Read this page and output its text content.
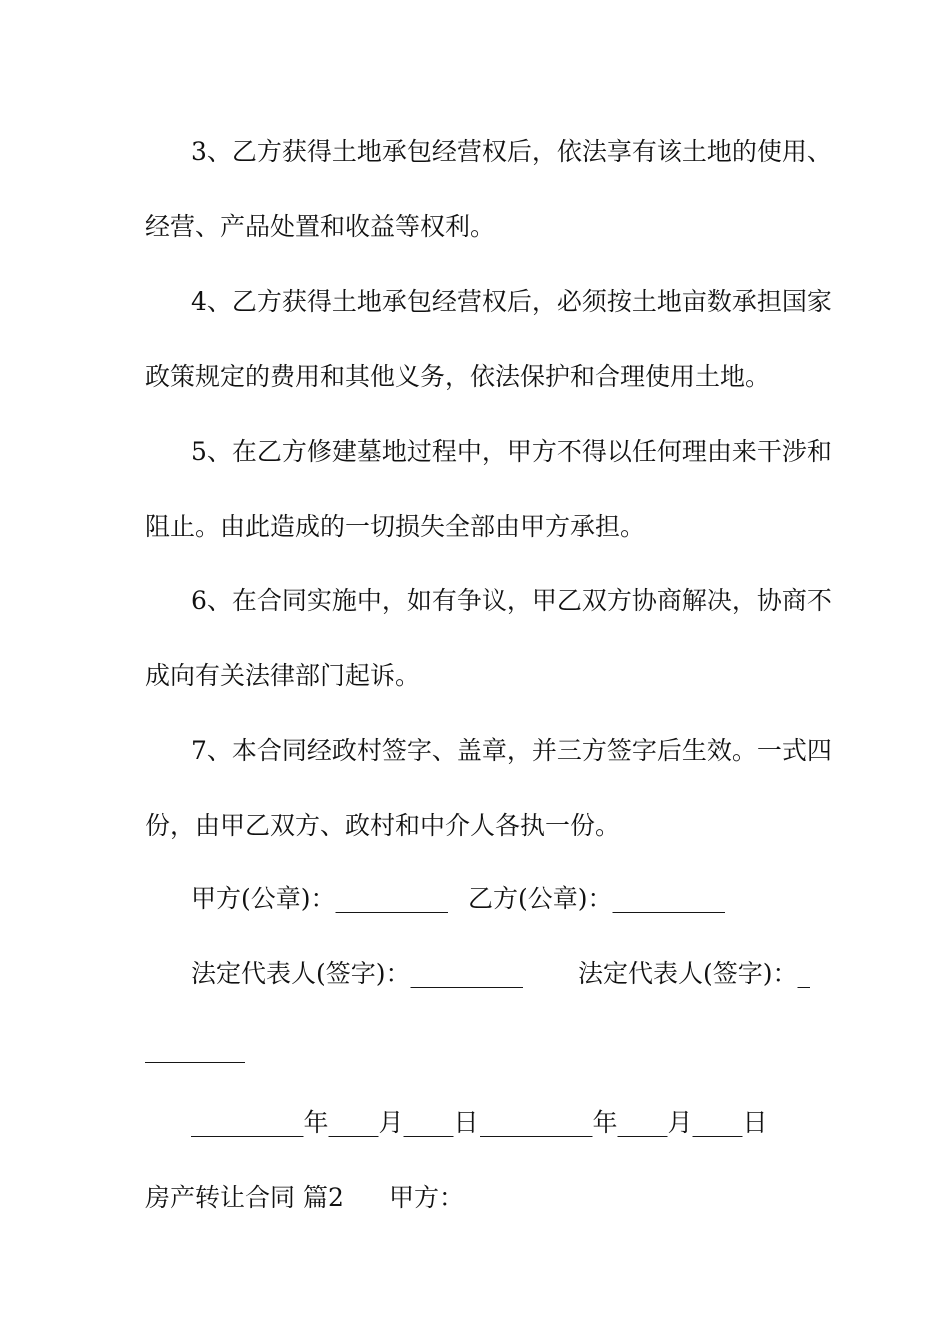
3、乙方获得土地承包经营权后，依法享有该土地的使用、
经营、产品处置和收益等权利。
4、乙方获得土地承包经营权后，必须按土地亩数承担国家
政策规定的费用和其他义务，依法保护和合理使用土地。
5、在乙方修建墓地过程中，甲方不得以任何理由来干涉和
阻止。由此造成的一切损失全部由甲方承担。
6、在合同实施中，如有争议，甲乙双方协商解决，协商不
成向有关法律部门起诉。
7、本合同经政村签字、盖章，并三方签字后生效。一式四
份，由甲乙双方、政村和中介人各执一份。
甲方(公章)：_________ 乙方(公章)：_________
法定代表人(签字)：_________ 法定代表人(签字)：_
________
_________年____月____日 _________年____月____日
房产转让合同 篇2 甲方：
